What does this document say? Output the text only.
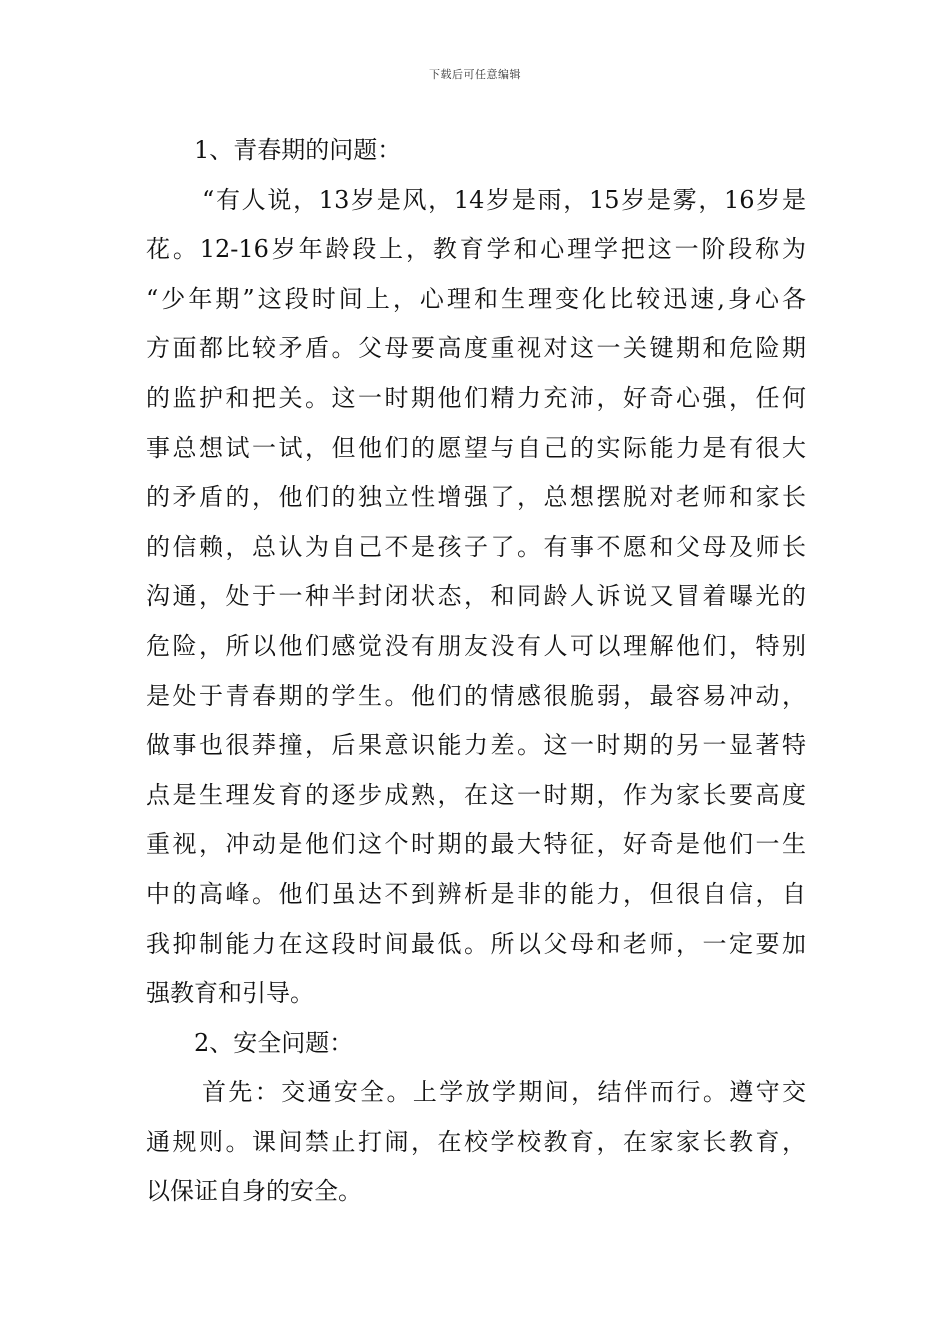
下载后可任意编辑
1、青春期的问题：
“有人说，13岁是风，14岁是雨，15岁是雾，16岁是
花。12-16岁年龄段上，教育学和心理学把这一阶段称为
“少年期”这段时间上，心理和生理变化比较迅速,身心各
方面都比较矛盾。父母要高度重视对这一关键期和危险期
的监护和把关。这一时期他们精力充沛，好奇心强，任何
事总想试一试，但他们的愿望与自己的实际能力是有很大
的矛盾的，他们的独立性增强了，总想摆脱对老师和家长
的信赖，总认为自己不是孩子了。有事不愿和父母及师长
沟通，处于一种半封闭状态，和同龄人诉说又冒着曝光的
危险，所以他们感觉没有朋友没有人可以理解他们，特别
是处于青春期的学生。他们的情感很脆弱，最容易冲动，
做事也很莽撞，后果意识能力差。这一时期的另一显著特
点是生理发育的逐步成熟，在这一时期，作为家长要高度
重视，冲动是他们这个时期的最大特征，好奇是他们一生
中的高峰。他们虽达不到辨析是非的能力，但很自信，自
我抑制能力在这段时间最低。所以父母和老师，一定要加
强教育和引导。
2、安全问题：
首先：交通安全。上学放学期间，结伴而行。遵守交
通规则。课间禁止打闹，在校学校教育，在家家长教育，
以保证自身的安全。
